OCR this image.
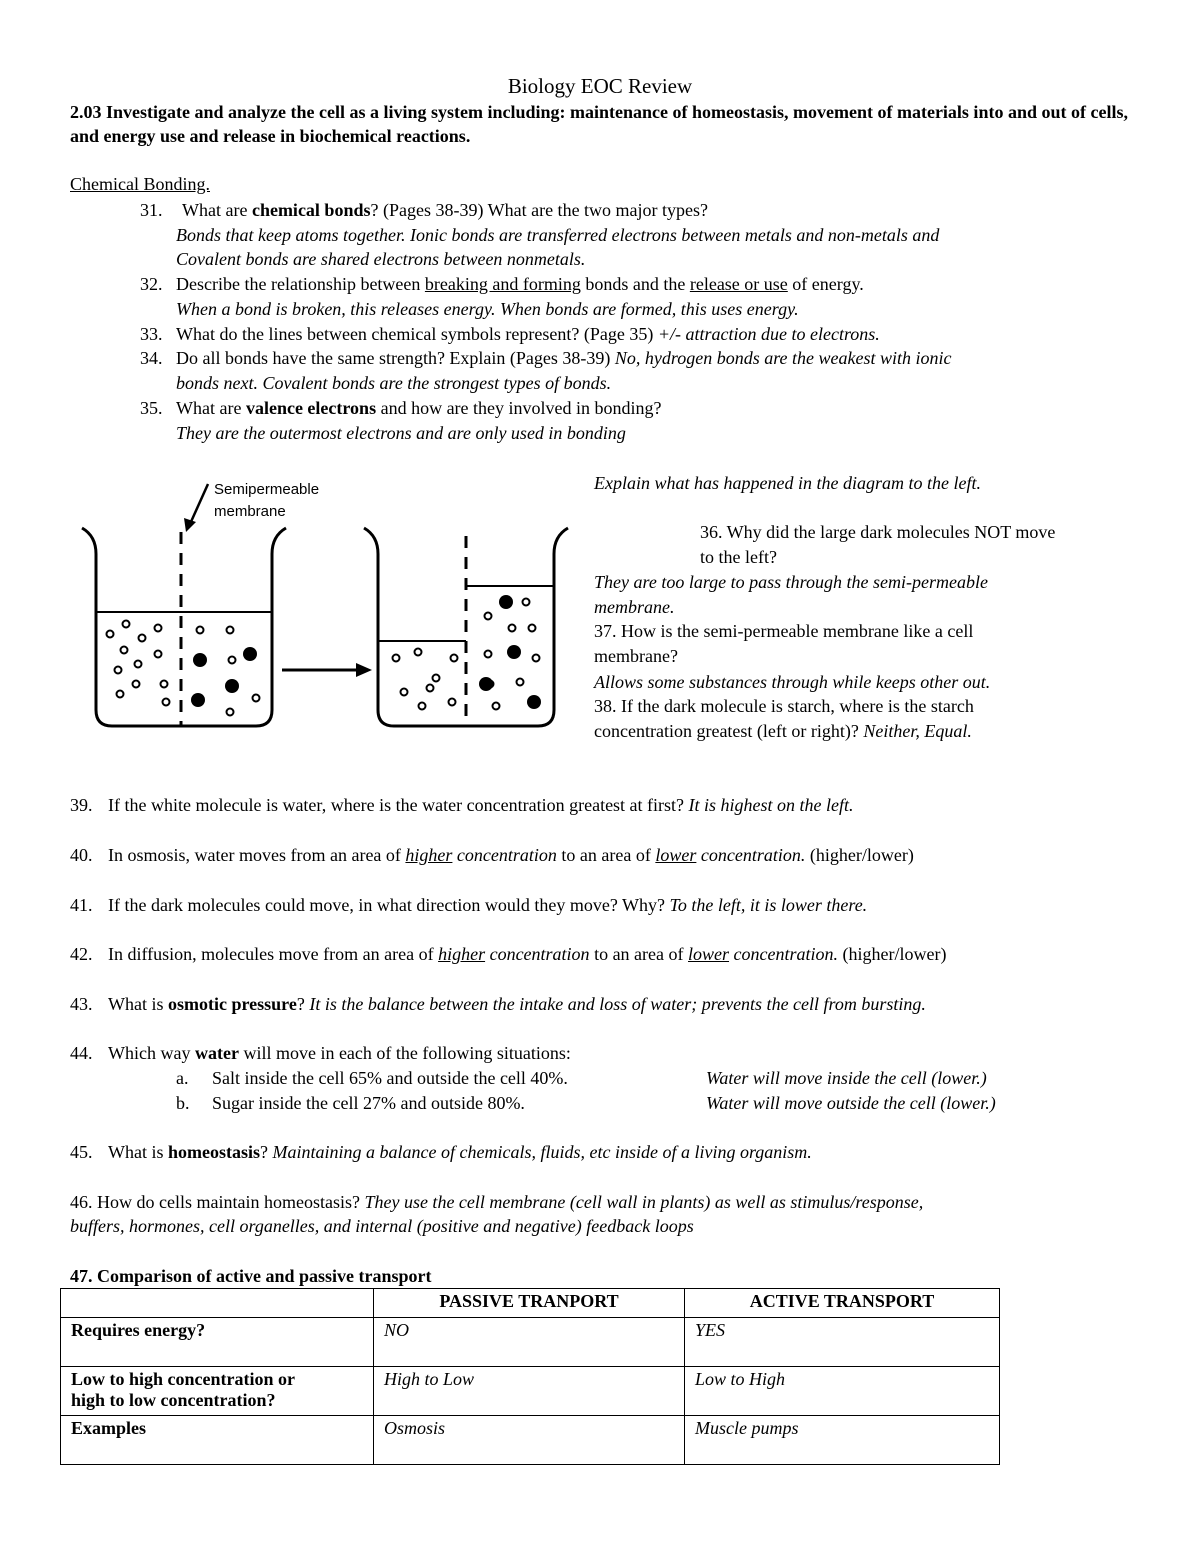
Biology EOC Review
2.03 Investigate and analyze the cell as a living system including: maintenance of homeostasis, movement of materials into and out of cells, and energy use and release in biochemical reactions.
Chemical Bonding.
31. What are chemical bonds? (Pages 38-39) What are the two major types?
Bonds that keep atoms together. Ionic bonds are transferred electrons between metals and non-metals and
Covalent bonds are shared electrons between nonmetals.
32. Describe the relationship between breaking and forming bonds and the release or use of energy.
When a bond is broken, this releases energy. When bonds are formed, this uses energy.
33. What do the lines between chemical symbols represent? (Page 35) +/- attraction due to electrons.
34. Do all bonds have the same strength? Explain (Pages 38-39) No, hydrogen bonds are the weakest with ionic
bonds next. Covalent bonds are the strongest types of bonds.
35. What are valence electrons and how are they involved in bonding?
They are the outermost electrons and are only used in bonding
Semipermeable
membrane
Explain what has happened in the diagram to the left.
36. Why did the large dark molecules NOT move
to the left?
They are too large to pass through the semi-permeable
membrane.
37. How is the semi-permeable membrane like a cell
membrane?
Allows some substances through while keeps other out.
38. If the dark molecule is starch, where is the starch
concentration greatest (left or right)? Neither, Equal.
39. If the white molecule is water, where is the water concentration greatest at first? It is highest on the left.
40. In osmosis, water moves from an area of higher concentration to an area of lower concentration. (higher/lower)
41. If the dark molecules could move, in what direction would they move? Why? To the left, it is lower there.
42. In diffusion, molecules move from an area of higher concentration to an area of lower concentration. (higher/lower)
43. What is osmotic pressure? It is the balance between the intake and loss of water; prevents the cell from bursting.
44. Which way water will move in each of the following situations:
a. Salt inside the cell 65% and outside the cell 40%.	Water will move inside the cell (lower.)
b. Sugar inside the cell 27% and outside 80%.	Water will move outside the cell (lower.)
45. What is homeostasis? Maintaining a balance of chemicals, fluids, etc inside of a living organism.
46. How do cells maintain homeostasis? They use the cell membrane (cell wall in plants) as well as stimulus/response,
buffers, hormones, cell organelles, and internal (positive and negative) feedback loops
47. Comparison of active and passive transport
	PASSIVE TRANPORT	ACTIVE TRANSPORT
Requires energy?	NO	YES

Low to high concentration or
high to low concentration?	High to Low	Low to High
Examples	Osmosis	Muscle pumps
